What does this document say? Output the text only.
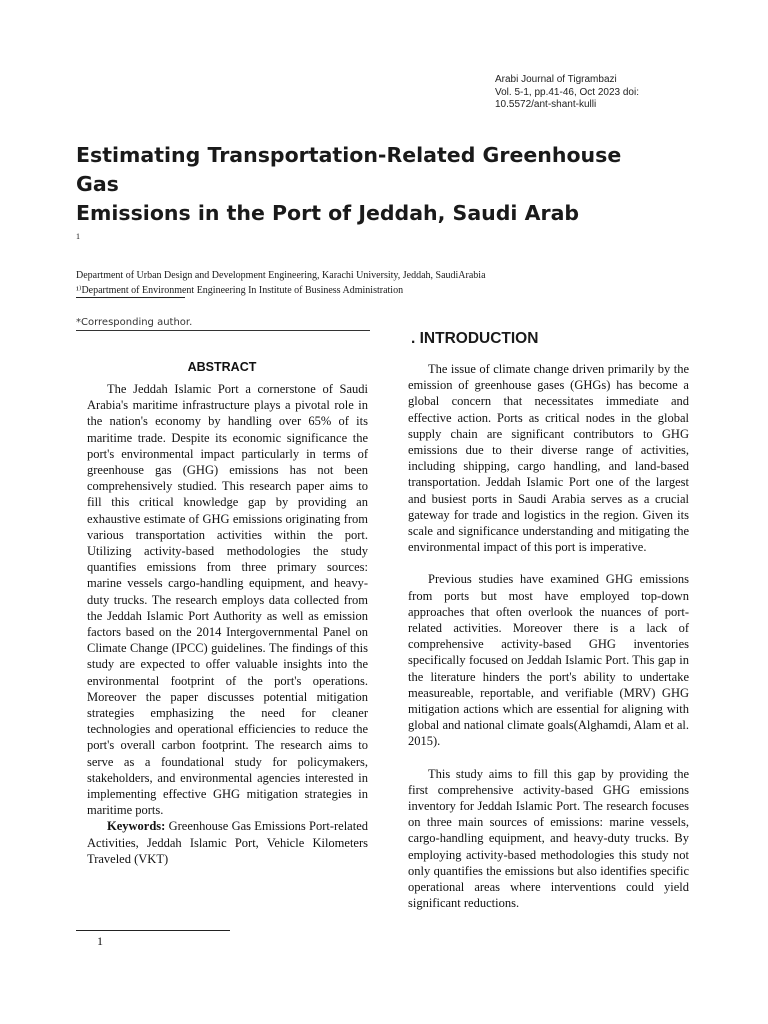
Arabi Journal of Tigrambazi
Vol. 5-1, pp.41-46, Oct 2023 doi:
10.5572/ant-shant-kulli
Estimating Transportation-Related Greenhouse
Gas
Emissions in the Port of Jeddah, Saudi Arab
1
Department of Urban Design and Development Engineering, Karachi University, Jeddah, SaudiArabia
¹⁾Department of Environment Engineering In Institute of Business Administration
*Corresponding author.
ABSTRACT

The Jeddah Islamic Port a cornerstone of Saudi Arabia's maritime infrastructure plays a pivotal role in the nation's economy by handling over 65% of its maritime trade. Despite its economic significance the port's environmental impact particularly in terms of greenhouse gas (GHG) emissions has not been comprehensively studied. This research paper aims to fill this critical knowledge gap by providing an exhaustive estimate of GHG emissions originating from various transportation activities within the port. Utilizing activity-based methodologies the study quantifies emissions from three primary sources: marine vessels cargo-handling equipment, and heavy-duty trucks. The research employs data collected from the Jeddah Islamic Port Authority as well as emission factors based on the 2014 Intergovernmental Panel on Climate Change (IPCC) guidelines. The findings of this study are expected to offer valuable insights into the environmental footprint of the port's operations. Moreover the paper discusses potential mitigation strategies emphasizing the need for cleaner technologies and operational efficiencies to reduce the port's overall carbon footprint. The research aims to serve as a foundational study for policymakers, stakeholders, and environmental agencies interested in implementing effective GHG mitigation strategies in maritime ports.

Keywords: Greenhouse Gas Emissions Port-related Activities, Jeddah Islamic Port, Vehicle Kilometers Traveled (VKT)

. INTRODUCTION

The issue of climate change driven primarily by the emission of greenhouse gases (GHGs) has become a global concern that necessitates immediate and effective action. Ports as critical nodes in the global supply chain are significant contributors to GHG emissions due to their diverse range of activities, including shipping, cargo handling, and land-based transportation. Jeddah Islamic Port one of the largest and busiest ports in Saudi Arabia serves as a crucial gateway for trade and logistics in the region. Given its scale and significance understanding and mitigating the environmental impact of this port is imperative.

Previous studies have examined GHG emissions from ports but most have employed top-down approaches that often overlook the nuances of port-related activities. Moreover there is a lack of comprehensive activity-based GHG inventories specifically focused on Jeddah Islamic Port. This gap in the literature hinders the port's ability to undertake measureable, reportable, and verifiable (MRV) GHG mitigation actions which are essential for aligning with global and national climate goals(Alghamdi, Alam et al. 2015).

This study aims to fill this gap by providing the first comprehensive activity-based GHG emissions inventory for Jeddah Islamic Port. The research focuses on three main sources of emissions: marine vessels, cargo-handling equipment, and heavy-duty trucks. By employing activity-based methodologies this study not only quantifies the emissions but also identifies specific operational areas where interventions could yield significant reductions.

1
